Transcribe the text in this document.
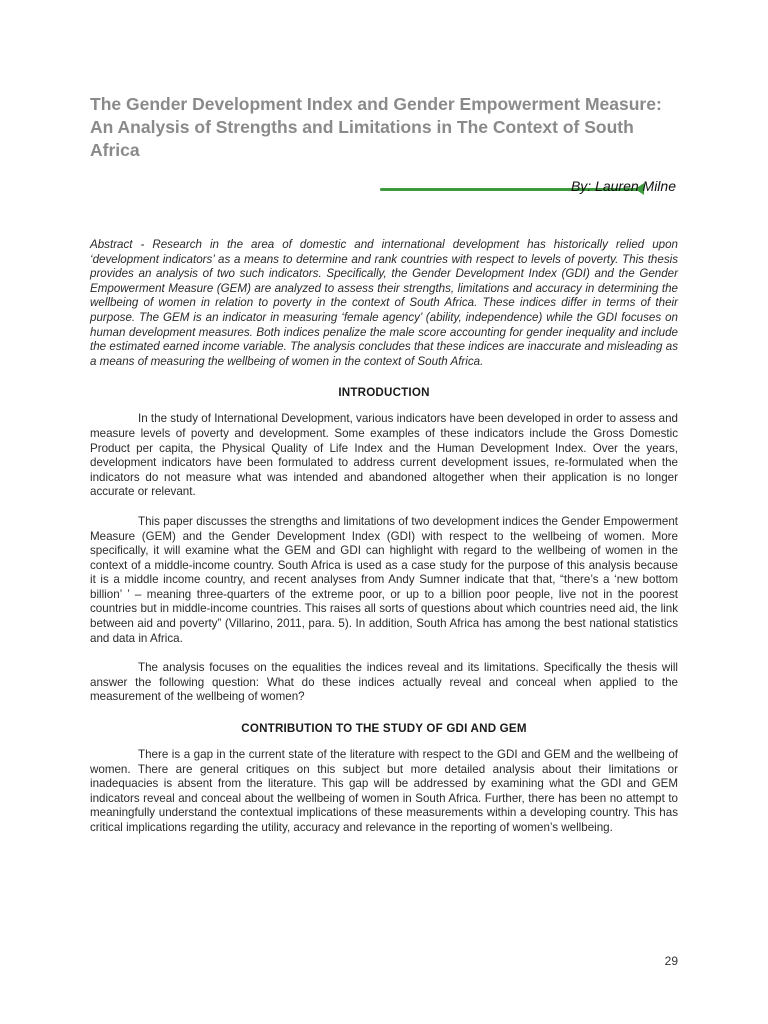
The Gender Development Index and Gender Empowerment Measure: An Analysis of Strengths and Limitations in The Context of South Africa
By: Lauren Milne

Abstract - Research in the area of domestic and international development has historically relied upon ‘development indicators’ as a means to determine and rank countries with respect to levels of poverty. This thesis provides an analysis of two such indicators. Specifically, the Gender Development Index (GDI) and the Gender Empowerment Measure (GEM) are analyzed to assess their strengths, limitations and accuracy in determining the wellbeing of women in relation to poverty in the context of South Africa. These indices differ in terms of their purpose. The GEM is an indicator in measuring ‘female agency’ (ability, independence) while the GDI focuses on human development measures. Both indices penalize the male score accounting for gender inequality and include the estimated earned income variable. The analysis concludes that these indices are inaccurate and misleading as a means of measuring the wellbeing of women in the context of South Africa.

INTRODUCTION

In the study of International Development, various indicators have been developed in order to assess and measure levels of poverty and development. Some examples of these indicators include the Gross Domestic Product per capita, the Physical Quality of Life Index and the Human Development Index. Over the years, development indicators have been formulated to address current development issues, re-formulated when the indicators do not measure what was intended and abandoned altogether when their application is no longer accurate or relevant.

This paper discusses the strengths and limitations of two development indices the Gender Empowerment Measure (GEM) and the Gender Development Index (GDI) with respect to the wellbeing of women. More specifically, it will examine what the GEM and GDI can highlight with regard to the wellbeing of women in the context of a middle-income country. South Africa is used as a case study for the purpose of this analysis because it is a middle income country, and recent analyses from Andy Sumner indicate that that, “there’s a ‘new bottom billion’ ’ – meaning three-quarters of the extreme poor, or up to a billion poor people, live not in the poorest countries but in middle-income countries. This raises all sorts of questions about which countries need aid, the link between aid and poverty” (Villarino, 2011, para. 5). In addition, South Africa has among the best national statistics and data in Africa.

The analysis focuses on the equalities the indices reveal and its limitations. Specifically the thesis will answer the following question: What do these indices actually reveal and conceal when applied to the measurement of the wellbeing of women?

CONTRIBUTION TO THE STUDY OF GDI AND GEM

There is a gap in the current state of the literature with respect to the GDI and GEM and the wellbeing of women. There are general critiques on this subject but more detailed analysis about their limitations or inadequacies is absent from the literature. This gap will be addressed by examining what the GDI and GEM indicators reveal and conceal about the wellbeing of women in South Africa. Further, there has been no attempt to meaningfully understand the contextual implications of these measurements within a developing country. This has critical implications regarding the utility, accuracy and relevance in the reporting of women’s wellbeing.

29
